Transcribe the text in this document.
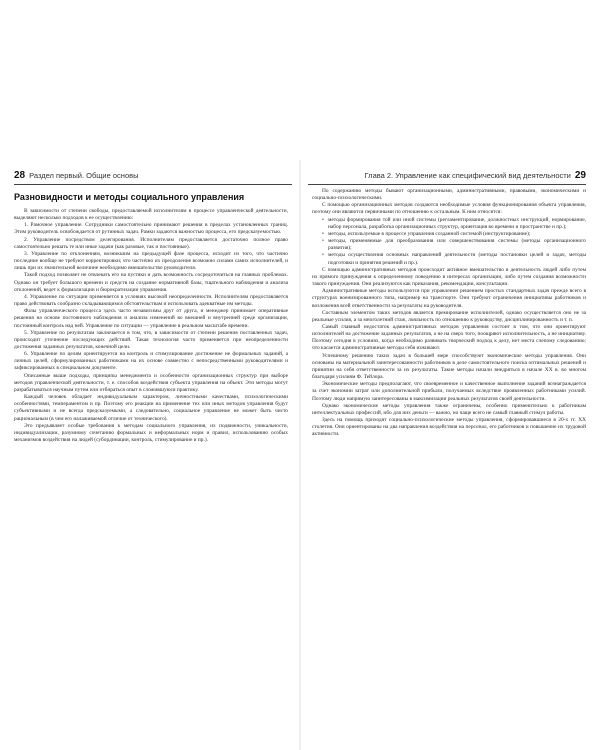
28 Раздел первый. Общие основы
Разновидности и методы социального управления

В зависимости от степени свободы, предоставляемой исполнителям в процессе управленческой деятельности, выделяют несколько подходов к ее осуществлению:

1. Рамочное управление. Сотрудники самостоятельно принимают решения в пределах установленных границ. Этим руководитель освобождается от рутинных задач. Рамки задаются важностью процесса, его предсказуемостью.

2. Управление посредством делегирования. Исполнителям предоставляется достаточно полное право самостоятельно решать те или иные задачи (как разовые, так и постоянные).

3. Управление по отклонениям, возникшим на предыдущей фазе процесса, исходит из того, что частично последние вообще не требуют корректировки; что частично их преодоление возможно силами самих исполнителей, и лишь при их значительной величине необходимо вмешательство руководителя.

Такой подход позволяет не отвлекать его на пустяки и дать возможность сосредоточиться на главных проблемах. Однако он требует большого времени и средств на создание нормативной базы, тщательного наблюдения и анализа отклонений, ведет к формализации и бюрократизации управления.

4. Управление по ситуации применяется в условиях высокой неопределенности. Исполнителям предоставляется право действовать сообразно складывающимся обстоятельствам и использовать адекватные им методы.

Фазы управленческого процесса здесь часто независимы друг от друга, и менеджер принимает оперативные решения на основе постоянного наблюдения и анализа изменений во внешней и внутренней среде организации, постоянный контроль над ней. Управление по ситуации — управление в реальном масштабе времени.

5. Управление по результатам заключается в том, что, в зависимости от степени решения поставленных задач, происходит уточнение последующих действий. Такая технология часто применяется при неопределенности достижения заданных результатов, конечной цели.

6. Управление по целям ориентируется на контроль и стимулирование достижение не формальных заданий, а личных целей, сформулированных работниками на их основе совместно с непосредственными руководителями и зафиксированных в специальном документе.

Описанные выше подходы, принципы менеджмента и особенности организационных структур при выборе методов управленческой деятельности, т. е. способов воздействия субъекта управления на объект. Эти методы могут разрабатываться научным путем или отбираться опыт в сложившуюся практику.

Каждый человек обладает индивидуальным характером, личностными качествами, психологическими особенностями, темпераментом и пр. Поэтому его реакции на применение тех или иных методов управления будут субъективными и не всегда предсказуемыми, а следовательно, социальное управление не может быть чисто рациональным (в чем его налаживаемой отличие от технического).

Это предъявляет особые требования к методам социального управления, их подвижности, уникальности, индивидуализации, разумному сочетанию формальных и неформальных норм и правил, использованию особых механизмов воздействия на людей (субординации, контроль, стимулирование и пр.).

Глава 2. Управление как специфический вид деятельности 29

По содержанию методы бывают организационными, административными, правовыми, экономическими и социально-психологическими.

С помощью организационных методов создаются необходимые условия функционирования объекта управления, поэтому они являются первичными по отношению к остальным. К ним относятся:

• методы формирования той или иной системы (регламентирование, должностных инструкций, нормирование, набор персонала, разработка организационных структур, ориентация во времени и пространстве и пр.);
• методы, используемые в процессе управления созданной системой (инструктирование);
• методы, применяемые для преобразования или совершенствования системы (методы организационного развития);
• методы осуществления основных направлений деятельности (методы постановки целей и задач, методы подготовки и принятия решений и пр.).

С помощью административных методов происходит активное вмешательство в деятельность людей либо путем их прямого принуждения к определенному поведению в интересах организации, либо путем создания возможности такого принуждения. Они реализуются как приказания, рекомендации, консультации.

Административные методы используются при управлении решением простых стандартных задач прежде всего в структурах военизированного типа, например на транспорте. Они требуют ограничения инициативы работников и возложения всей ответственности за результаты на руководителя.

Составным элементом таких методов является премирование исполнителей, однако осуществляется оно не за реальные усилия, а за многолетний стаж, лояльность по отношению к руководству, дисциплинированность и т. п.

Самый главный недостаток административных методов управления состоит в том, что они ориентируют исполнителей на достижение заданных результатов, а не на сверх того, поощряют исполнительность, а не инициативу. Поэтому сегодня в условиях, когда необходимо развивать творческий подход к делу, нет места слепому следованию; что касается административные методы себя изживают.

Успешному решению таких задач в большей мере способствуют экономические методы управления. Они основаны на материальной заинтересованности работников в деле самостоятельного поиска оптимальных решений и принятии на себя ответственности за их результаты. Такие методы начали внедряться в начале XX в. во многом благодаря усилиям Ф. Тейлора.

Экономические методы предполагают, что своевременное и качественное выполнение заданий вознаграждается за счет экономии затрат или дополнительной прибыли, получаемых вследствие проявленных работниками усилий. Поэтому люди напрямую заинтересованы в максимизации реальных результатов своей деятельности.

Однако экономические методы управления также ограничены, особенно применительно к работникам интеллектуальных профессий, ибо для них деньги — важно, но чаще всего не самый главный стимул работы.

Здесь на помощь приходят социально-психологические методы управления, сформировавшиеся в 20-х гг. XX столетия. Они ориентированы на два направления воздействия на персонал, его работников и повышение их трудовой активности.
